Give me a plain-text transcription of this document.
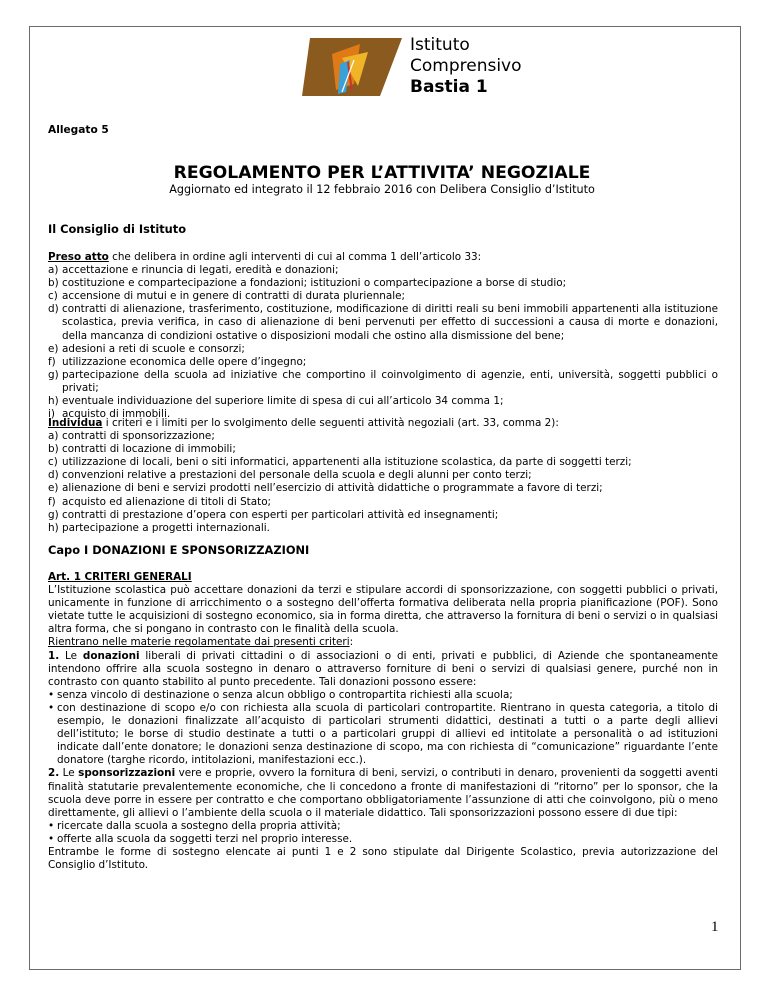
Istituto
Comprensivo
Bastia 1
Allegato 5
REGOLAMENTO PER L’ATTIVITA’ NEGOZIALE
Aggiornato ed integrato il 12 febbraio 2016 con Delibera Consiglio d’Istituto
Il Consiglio di Istituto
Preso atto che delibera in ordine agli interventi di cui al comma 1 dell’articolo 33:
a) accettazione e rinuncia di legati, eredità e donazioni;
b) costituzione e compartecipazione a fondazioni; istituzioni o compartecipazione a borse di studio;
c) accensione di mutui e in genere di contratti di durata pluriennale;
d) contratti di alienazione, trasferimento, costituzione, modificazione di diritti reali su beni immobili appartenenti alla istituzione scolastica, previa verifica, in caso di alienazione di beni pervenuti per effetto di successioni a causa di morte e donazioni, della mancanza di condizioni ostative o disposizioni modali che ostino alla dismissione del bene;
e) adesioni a reti di scuole e consorzi;
f) utilizzazione economica delle opere d’ingegno;
g) partecipazione della scuola ad iniziative che comportino il coinvolgimento di agenzie, enti, università, soggetti pubblici o privati;
h) eventuale individuazione del superiore limite di spesa di cui all’articolo 34 comma 1;
i) acquisto di immobili.
Individua i criteri e i limiti per lo svolgimento delle seguenti attività negoziali (art. 33, comma 2):
a) contratti di sponsorizzazione;
b) contratti di locazione di immobili;
c) utilizzazione di locali, beni o siti informatici, appartenenti alla istituzione scolastica, da parte di soggetti terzi;
d) convenzioni relative a prestazioni del personale della scuola e degli alunni per conto terzi;
e) alienazione di beni e servizi prodotti nell’esercizio di attività didattiche o programmate a favore di terzi;
f) acquisto ed alienazione di titoli di Stato;
g) contratti di prestazione d’opera con esperti per particolari attività ed insegnamenti;
h) partecipazione a progetti internazionali.
Capo I DONAZIONI E SPONSORIZZAZIONI
Art. 1 CRITERI GENERALI
L’Istituzione scolastica può accettare donazioni da terzi e stipulare accordi di sponsorizzazione, con soggetti pubblici o privati, unicamente in funzione di arricchimento o a sostegno dell’offerta formativa deliberata nella propria pianificazione (POF). Sono vietate tutte le acquisizioni di sostegno economico, sia in forma diretta, che attraverso la fornitura di beni o servizi o in qualsiasi altra forma, che si pongano in contrasto con le finalità della scuola.
Rientrano nelle materie regolamentate dai presenti criteri:
1. Le donazioni liberali di privati cittadini o di associazioni o di enti, privati e pubblici, di Aziende che spontaneamente intendono offrire alla scuola sostegno in denaro o attraverso forniture di beni o servizi di qualsiasi genere, purché non in contrasto con quanto stabilito al punto precedente. Tali donazioni possono essere:
• senza vincolo di destinazione o senza alcun obbligo o contropartita richiesti alla scuola;
• con destinazione di scopo e/o con richiesta alla scuola di particolari contropartite. Rientrano in questa categoria, a titolo di esempio, le donazioni finalizzate all’acquisto di particolari strumenti didattici, destinati a tutti o a parte degli allievi dell’istituto; le borse di studio destinate a tutti o a particolari gruppi di allievi ed intitolate a personalità o ad istituzioni indicate dall’ente donatore; le donazioni senza destinazione di scopo, ma con richiesta di “comunicazione” riguardante l’ente donatore (targhe ricordo, intitolazioni, manifestazioni ecc.).
2. Le sponsorizzazioni vere e proprie, ovvero la fornitura di beni, servizi, o contributi in denaro, provenienti da soggetti aventi finalità statutarie prevalentemente economiche, che li concedono a fronte di manifestazioni di “ritorno” per lo sponsor, che la scuola deve porre in essere per contratto e che comportano obbligatoriamente l’assunzione di atti che coinvolgono, più o meno direttamente, gli allievi o l’ambiente della scuola o il materiale didattico. Tali sponsorizzazioni possono essere di due tipi:
• ricercate dalla scuola a sostegno della propria attività;
• offerte alla scuola da soggetti terzi nel proprio interesse.
Entrambe le forme di sostegno elencate ai punti 1 e 2 sono stipulate dal Dirigente Scolastico, previa autorizzazione del Consiglio d’Istituto.
1
